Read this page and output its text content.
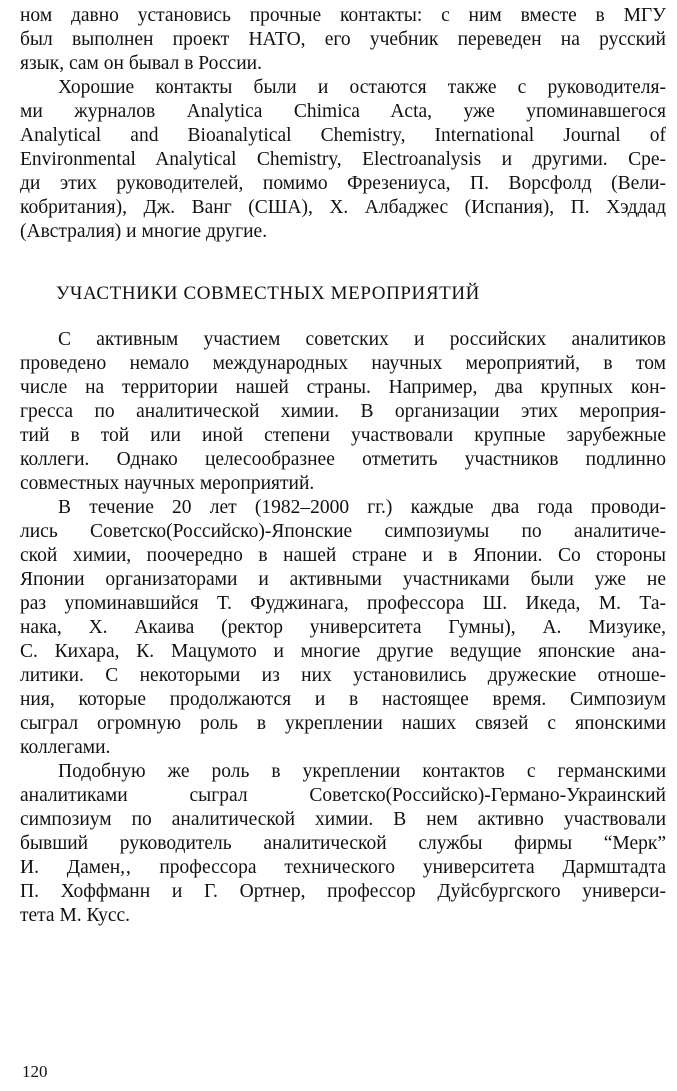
ном давно установись прочные контакты: с ним вместе в МГУ
был выполнен проект НАТО, его учебник переведен на русский
язык, сам он бывал в России.
Хорошие контакты были и остаются также с руководителя-
ми журналов Analytica Chimica Acta, уже упоминавшегося
Analytical and Bioanalytical Chemistry, International Journal of
Environmental Analytical Chemistry, Electroanalysis и другими. Сре-
ди этих руководителей, помимо Фрезениуса, П. Ворсфолд (Вели-
кобритания), Дж. Ванг (США), Х. Албаджес (Испания), П. Хэддад
(Австралия) и многие другие.
УЧАСТНИКИ СОВМЕСТНЫХ МЕРОПРИЯТИЙ
С активным участием советских и российских аналитиков
проведено немало международных научных мероприятий, в том
числе на территории нашей страны. Например, два крупных кон-
гресса по аналитической химии. В организации этих мероприя-
тий в той или иной степени участвовали крупные зарубежные
коллеги. Однако целесообразнее отметить участников подлинно
совместных научных мероприятий.
В течение 20 лет (1982–2000 гг.) каждые два года проводи-
лись Советско(Российско)-Японские симпозиумы по аналитиче-
ской химии, поочередно в нашей стране и в Японии. Со стороны
Японии организаторами и активными участниками были уже не
раз упоминавшийся Т. Фуджинага, профессора Ш. Икеда, М. Та-
нака, Х. Акаива (ректор университета Гумны), А. Мизуике,
С. Кихара, К. Мацумото и многие другие ведущие японские ана-
литики. С некоторыми из них установились дружеские отноше-
ния, которые продолжаются и в настоящее время. Симпозиум
сыграл огромную роль в укреплении наших связей с японскими
коллегами.
Подобную же роль в укреплении контактов с германскими
аналитиками сыграл Советско(Российско)-Германо-Украинский
симпозиум по аналитической химии. В нем активно участвовали
бывший руководитель аналитической службы фирмы “Мерк”
И. Дамен,‚ профессора технического университета Дармштадта
П. Хоффманн и Г. Ортнер, профессор Дуйсбургского универси-
тета М. Кусс.
120
